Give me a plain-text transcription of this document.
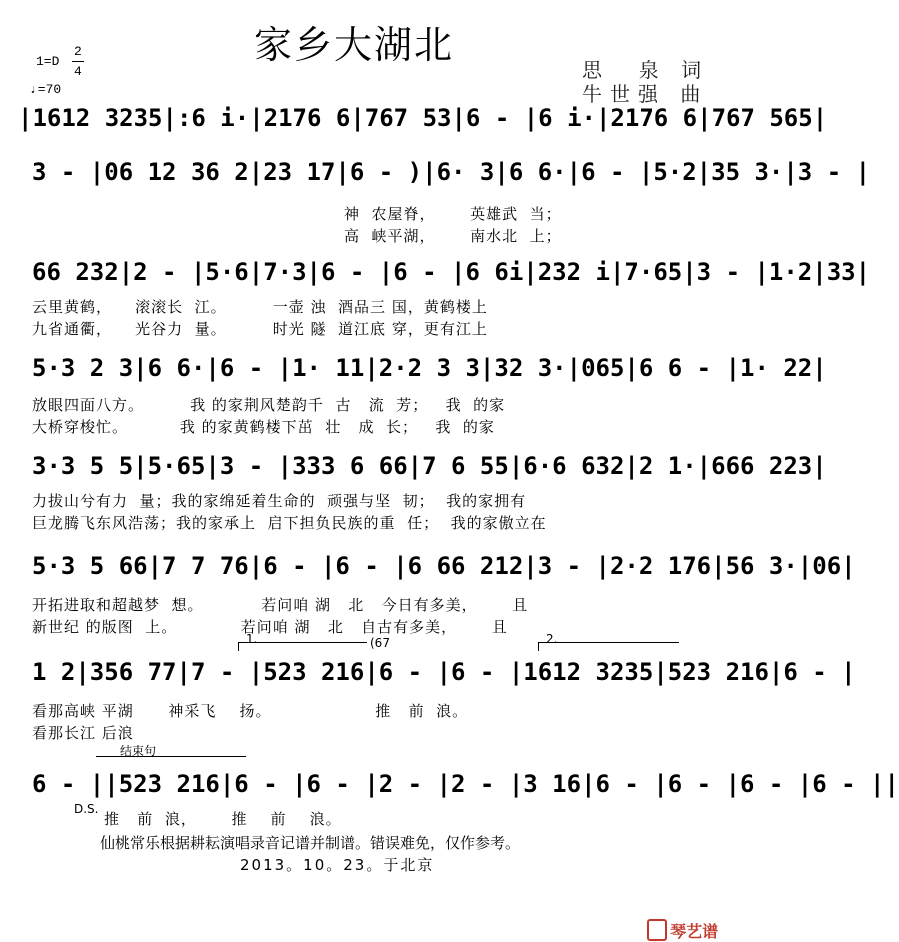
家乡大湖北
思  泉 词
牛世强 曲
1=D
2
4
♩=70
|1612 3235|:6 i·|2176 6|767 53|6 - |6 i·|2176 6|767 565|
3 - |06 12 36 2|23 17|6 - )|6· 3|6 6·|6 - |5·2|35 3·|3 - |
神  农屋脊，      英雄武  当；
高  峡平湖，      南水北  上；
66 232|2 - |5·6|7·3|6 - |6 - |6 6i|232 i|7·65|3 - |1·2|33|
云里黄鹤，    滚滚长  江。        一壶 浊  酒品三 国，黄鹤楼上
九省通衢，    光谷力  量。        时光 隧  道江底 穿，更有江上
5·3 2 3|6 6·|6 - |1· 11|2·2 3 3|32 3·|065|6 6 - |1· 22|
放眼四面八方。        我 的家荆风楚韵千  古   流  芳；   我  的家
大桥穿梭忙。         我 的家黄鹤楼下茁  壮   成  长；   我  的家
3·3 5 5|5·65|3 - |333 6 66|7 6 55|6·6 632|2 1·|666 223|
力拔山兮有力  量；我的家绵延着生命的  顽强与坚  韧；  我的家拥有
巨龙腾飞东风浩荡；我的家承上  启下担负民族的重  任；  我的家傲立在
5·3 5 66|7 7 76|6 - |6 - |6 66 212|3 - |2·2 176|56 3·|06|
开拓进取和超越梦  想。          若问咱 湖   北   今日有多美，      且
新世纪 的版图  上。           若问咱 湖   北   自古有多美，      且
1.	(67	2.
1 2|356 77|7 - |523 216|6 - |6 - |1612 3235|523 216|6 - |
看那高峡 平湖      神采飞    扬。                  推   前  浪。
看那长江 后浪
结束句
6 - ||523 216|6 - |6 - |2 - |2 - |3 16|6 - |6 - |6 - |6 - ||
D.S.
推   前  浪，      推    前    浪。
仙桃常乐根据耕耘演唱录音记谱并制谱。错误难免，仅作参考。
2013。10。23。于北京

琴艺谱
